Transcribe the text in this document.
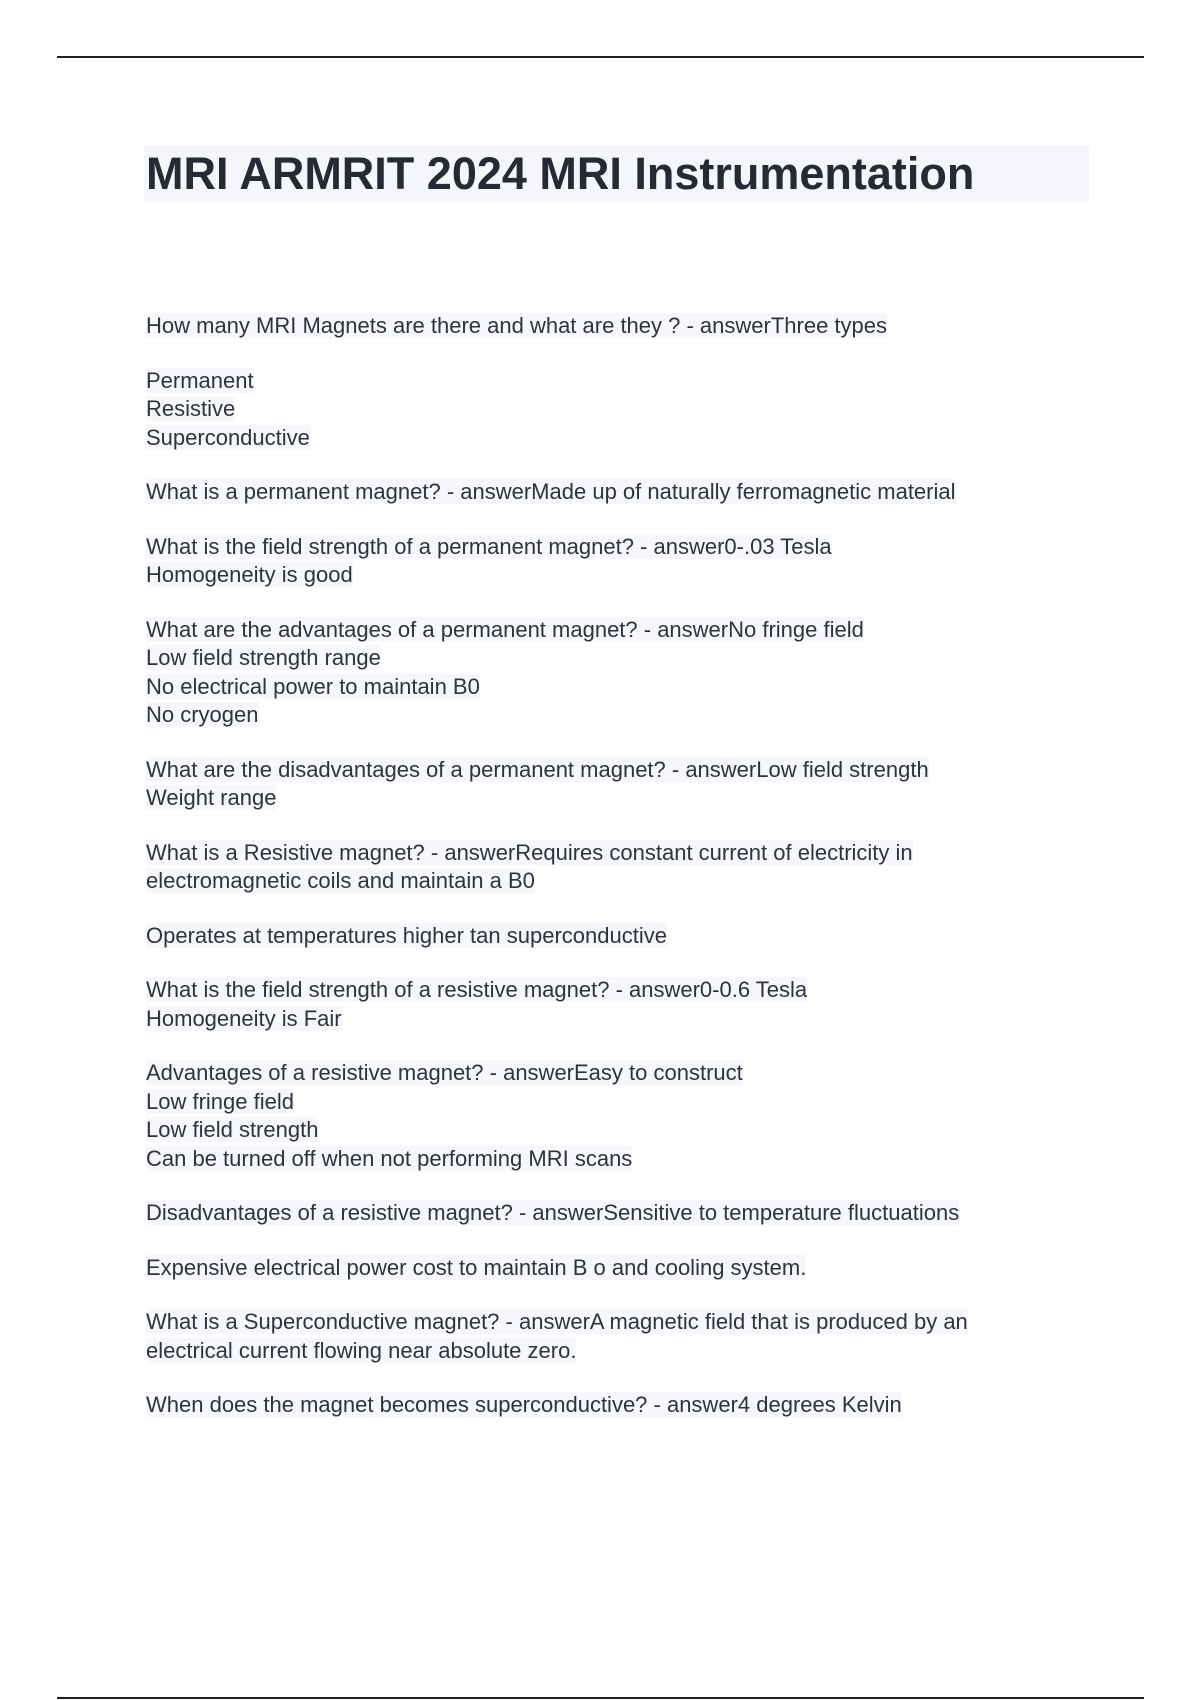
MRI ARMRIT 2024 MRI Instrumentation

How many MRI Magnets are there and what are they ? - answerThree types

Permanent
Resistive
Superconductive

What is a permanent magnet? - answerMade up of naturally ferromagnetic material

What is the field strength of a permanent magnet? - answer0-.03 Tesla
Homogeneity is good

What are the advantages of a permanent magnet? - answerNo fringe field
Low field strength range
No electrical power to maintain B0
No cryogen

What are the disadvantages of a permanent magnet? - answerLow field strength
Weight range

What is a Resistive magnet? - answerRequires constant current of electricity in
electromagnetic coils and maintain a B0

Operates at temperatures higher tan superconductive

What is the field strength of a resistive magnet? - answer0-0.6 Tesla
Homogeneity is Fair

Advantages of a resistive magnet? - answerEasy to construct
Low fringe field
Low field strength
Can be turned off when not performing MRI scans

Disadvantages of a resistive magnet? - answerSensitive to temperature fluctuations

Expensive electrical power cost to maintain B o and cooling system.

What is a Superconductive magnet? - answerA magnetic field that is produced by an
electrical current flowing near absolute zero.

When does the magnet becomes superconductive? - answer4 degrees Kelvin
